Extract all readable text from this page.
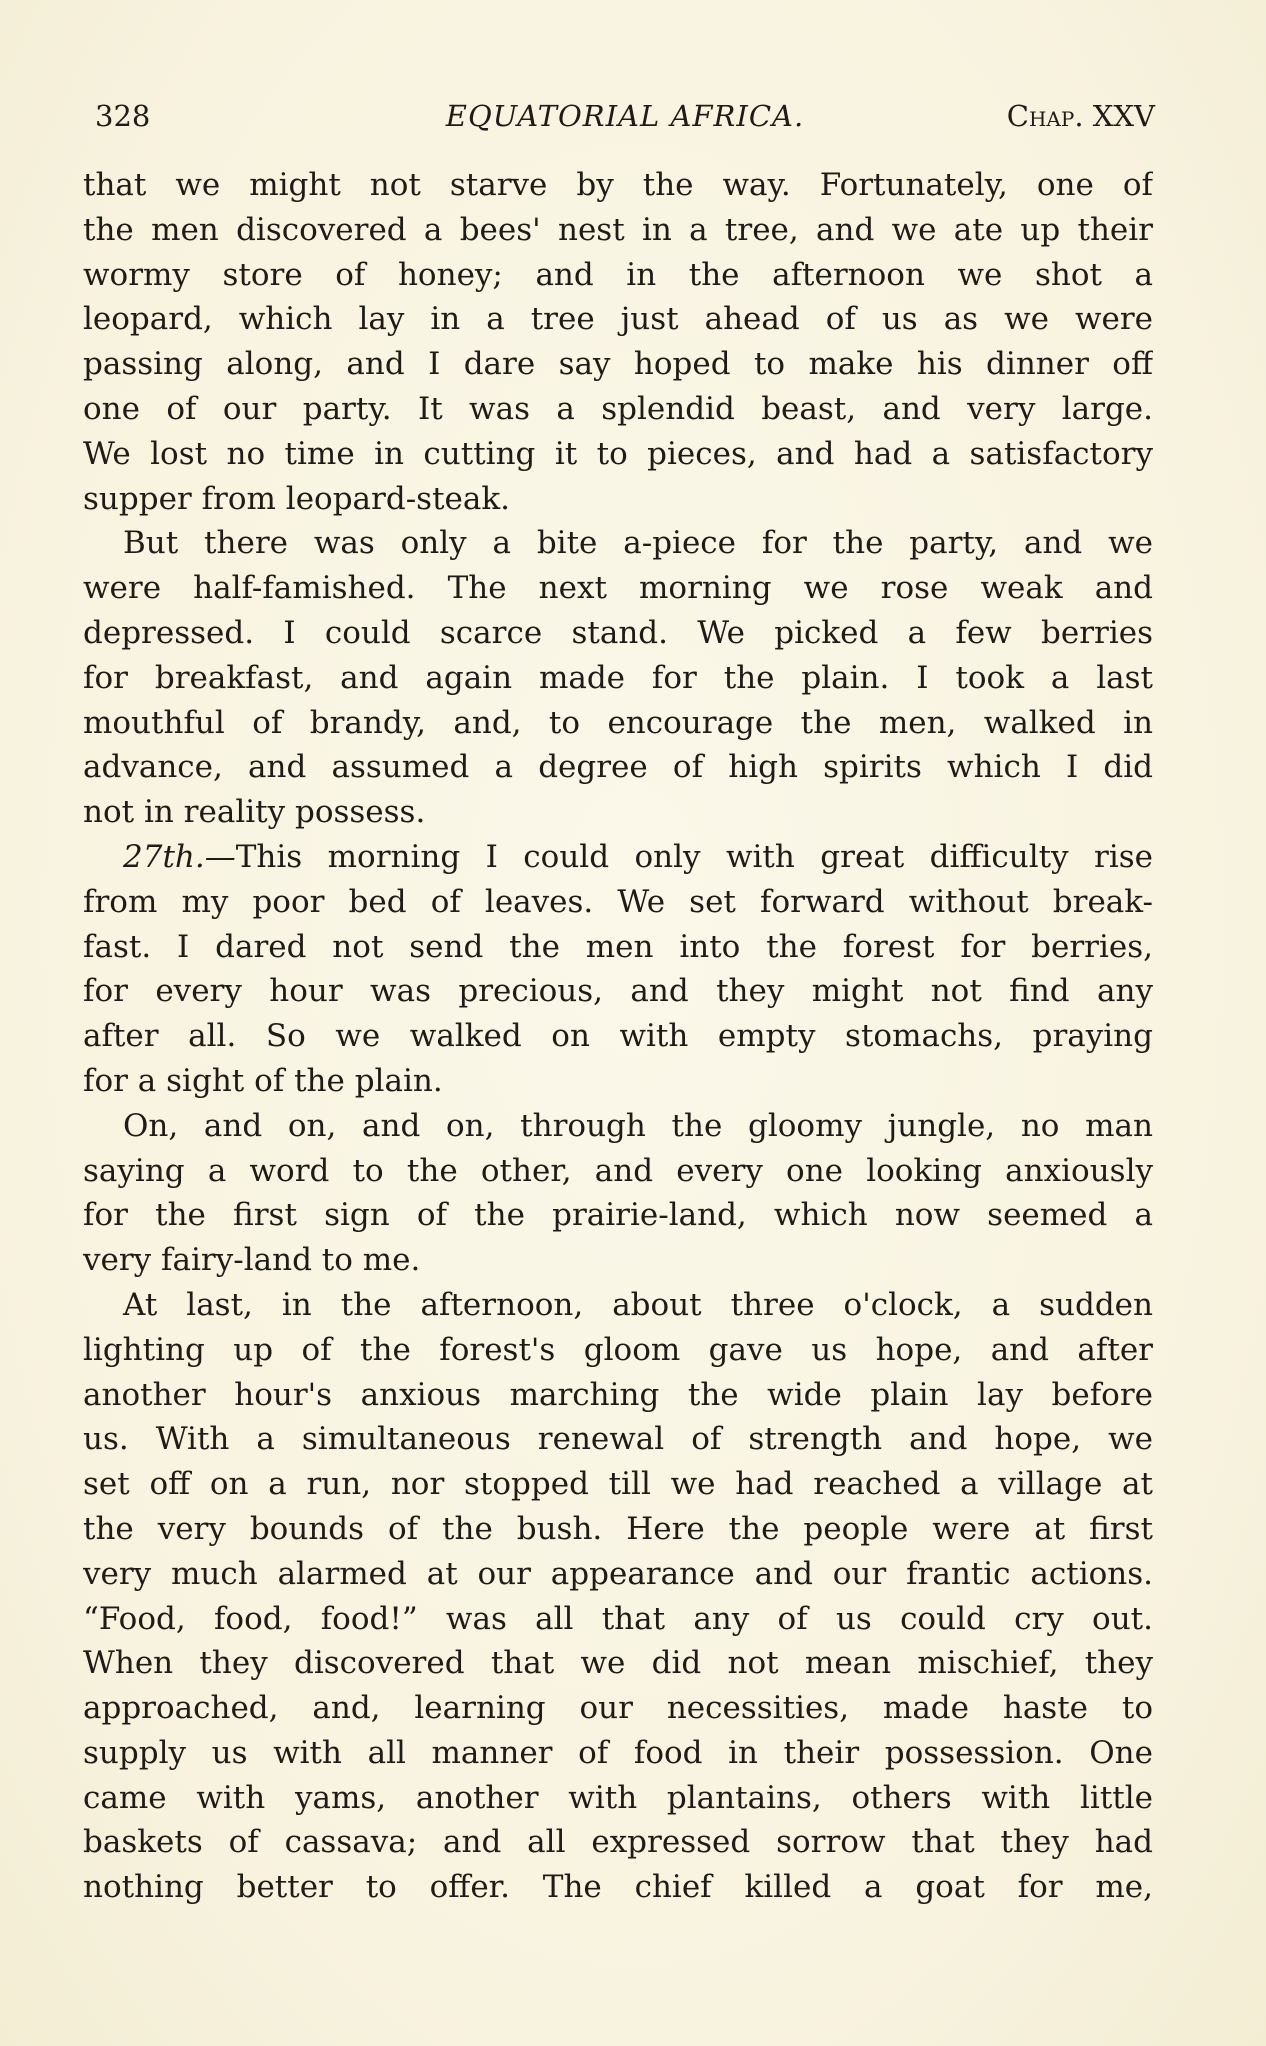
328	EQUATORIAL AFRICA.	Chap. XXV
that we might not starve by the way. Fortunately, one of
the men discovered a bees' nest in a tree, and we ate up their
wormy store of honey; and in the afternoon we shot a
leopard, which lay in a tree just ahead of us as we were
passing along, and I dare say hoped to make his dinner off
one of our party. It was a splendid beast, and very large.
We lost no time in cutting it to pieces, and had a satisfactory
supper from leopard-steak.
But there was only a bite a-piece for the party, and we
were half-famished. The next morning we rose weak and
depressed. I could scarce stand. We picked a few berries
for breakfast, and again made for the plain. I took a last
mouthful of brandy, and, to encourage the men, walked in
advance, and assumed a degree of high spirits which I did
not in reality possess.
27th.—This morning I could only with great difficulty rise
from my poor bed of leaves. We set forward without break-
fast. I dared not send the men into the forest for berries,
for every hour was precious, and they might not find any
after all. So we walked on with empty stomachs, praying
for a sight of the plain.
On, and on, and on, through the gloomy jungle, no man
saying a word to the other, and every one looking anxiously
for the first sign of the prairie-land, which now seemed a
very fairy-land to me.
At last, in the afternoon, about three o'clock, a sudden
lighting up of the forest's gloom gave us hope, and after
another hour's anxious marching the wide plain lay before
us. With a simultaneous renewal of strength and hope, we
set off on a run, nor stopped till we had reached a village at
the very bounds of the bush. Here the people were at first
very much alarmed at our appearance and our frantic actions.
“Food, food, food!” was all that any of us could cry out.
When they discovered that we did not mean mischief, they
approached, and, learning our necessities, made haste to
supply us with all manner of food in their possession. One
came with yams, another with plantains, others with little
baskets of cassava; and all expressed sorrow that they had
nothing better to offer. The chief killed a goat for me,
